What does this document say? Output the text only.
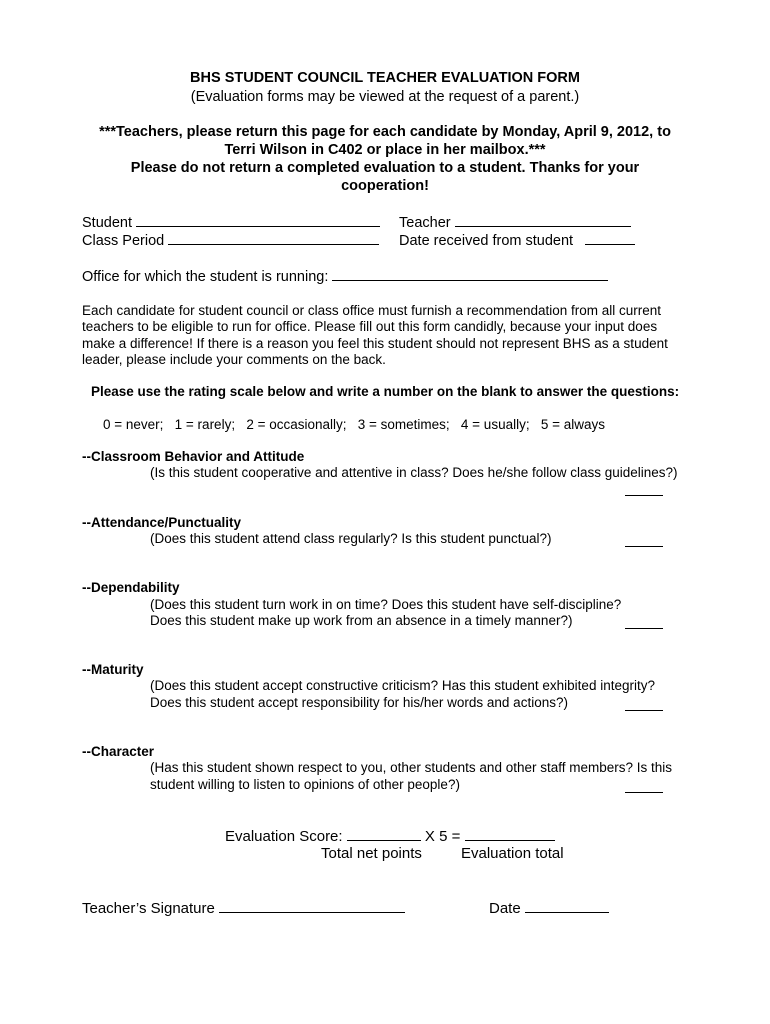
BHS STUDENT COUNCIL TEACHER EVALUATION FORM
(Evaluation forms may be viewed at the request of a parent.)
***Teachers, please return this page for each candidate by Monday, April 9, 2012, to
Terri Wilson in C402 or place in her mailbox.***
Please do not return a completed evaluation to a student. Thanks for your
cooperation!
Student	Teacher
Class Period	Date received from student
Office for which the student is running:
Each candidate for student council or class office must furnish a recommendation from all current
teachers to be eligible to run for office. Please fill out this form candidly, because your input does
make a difference! If there is a reason you feel this student should not represent BHS as a student
leader, please include your comments on the back.
Please use the rating scale below and write a number on the blank to answer the questions:
0 = never;   1 = rarely;   2 = occasionally;   3 = sometimes;   4 = usually;   5 = always
--Classroom Behavior and Attitude
(Is this student cooperative and attentive in class? Does he/she follow class guidelines?)
--Attendance/Punctuality
(Does this student attend class regularly? Is this student punctual?)
--Dependability
(Does this student turn work in on time? Does this student have self-discipline?
Does this student make up work from an absence in a timely manner?)
--Maturity
(Does this student accept constructive criticism? Has this student exhibited integrity?
Does this student accept responsibility for his/her words and actions?)
--Character
(Has this student shown respect to you, other students and other staff members? Is this
student willing to listen to opinions of other people?)
Evaluation Score:	X 5 =
Total net points	Evaluation total
Teacher’s Signature	Date
